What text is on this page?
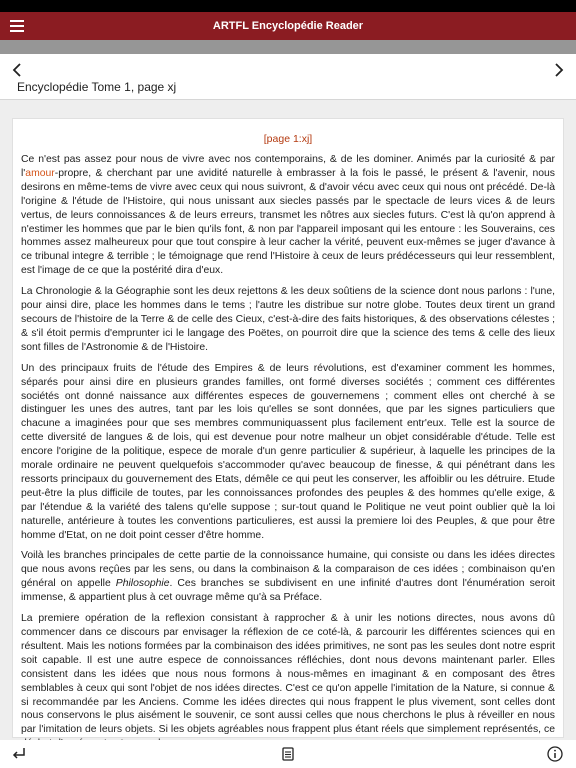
ARTFL Encyclopédie Reader
Encyclopédie Tome 1, page xj
[page 1:xj]

Ce n'est pas assez pour nous de vivre avec nos contemporains, & de les dominer. Animés par la curiosité & par l'amour-propre, & cherchant par une avidité naturelle à embrasser à la fois le passé, le présent & l'avenir, nous desirons en même-tems de vivre avec ceux qui nous suivront, & d'avoir vécu avec ceux qui nous ont précédé. De-là l'origine & l'étude de l'Histoire, qui nous unissant aux siecles passés par le spectacle de leurs vices & de leurs vertus, de leurs connoissances & de leurs erreurs, transmet les nôtres aux siecles futurs. C'est là qu'on apprend à n'estimer les hommes que par le bien qu'ils font, & non par l'appareil imposant qui les entoure : les Souverains, ces hommes assez malheureux pour que tout conspire à leur cacher la vérité, peuvent eux-mêmes se juger d'avance à ce tribunal integre & terrible ; le témoignage que rend l'Histoire à ceux de leurs prédécesseurs qui leur ressemblent, est l'image de ce que la postérité dira d'eux.

La Chronologie & la Géographie sont les deux rejettons & les deux soûtiens de la science dont nous parlons : l'une, pour ainsi dire, place les hommes dans le tems ; l'autre les distribue sur notre globe. Toutes deux tirent un grand secours de l'histoire de la Terre & de celle des Cieux, c'est-à-dire des faits historiques, & des observations célestes ; & s'il étoit permis d'emprunter ici le langage des Poëtes, on pourroit dire que la science des tems & celle des lieux sont filles de l'Astronomie & de l'Histoire.

Un des principaux fruits de l'étude des Empires & de leurs révolutions, est d'examiner comment les hommes, séparés pour ainsi dire en plusieurs grandes familles, ont formé diverses sociétés ; comment ces différentes sociétés ont donné naissance aux différentes especes de gouvernemens ; comment elles ont cherché à se distinguer les unes des autres, tant par les lois qu'elles se sont données, que par les signes particuliers que chacune a imaginées pour que ses membres communiquassent plus facilement entr'eux. Telle est la source de cette diversité de langues & de lois, qui est devenue pour notre malheur un objet considérable d'étude. Telle est encore l'origine de la politique, espece de morale d'un genre particulier & supérieur, à laquelle les principes de la morale ordinaire ne peuvent quelquefois s'accommoder qu'avec beaucoup de finesse, & qui pénétrant dans les ressorts principaux du gouvernement des Etats, démêle ce qui peut les conserver, les affoiblir ou les détruire. Etude peut-être la plus difficile de toutes, par les connoissances profondes des peuples & des hommes qu'elle exige, & par l'étendue & la variété des talens qu'elle suppose ; sur-tout quand le Politique ne veut point oublier què la loi naturelle, antérieure à toutes les conventions particulieres, est aussi la premiere loi des Peuples, & que pour être homme d'Etat, on ne doit point cesser d'être homme.

Voilà les branches principales de cette partie de la connoissance humaine, qui consiste ou dans les idées directes que nous avons reçûes par les sens, ou dans la combinaison & la comparaison de ces idées ; combinaison qu'en général on appelle Philosophie. Ces branches se subdivisent en une infinité d'autres dont l'énumération seroit immense, & appartient plus à cet ouvrage même qu'à sa Préface.

La premiere opération de la reflexion consistant à rapprocher & à unir les notions directes, nous avons dû commencer dans ce discours par envisager la réflexion de ce coté-là, & parcourir les différentes sciences qui en résultent. Mais les notions formées par la combinaison des idées primitives, ne sont pas les seules dont notre esprit soit capable. Il est une autre espece de connoissances réfléchies, dont nous devons maintenant parler. Elles consistent dans les idées que nous nous formons à nous-mêmes en imaginant & en composant des êtres semblables à ceux qui sont l'objet de nos idées directes. C'est ce qu'on appelle l'imitation de la Nature, si connue & si recommandée par les Anciens. Comme les idées directes qui nous frappent le plus vivement, sont celles dont nous conservons le plus aisément le souvenir, ce sont aussi celles que nous cherchons le plus à réveiller en nous par l'imitation de leurs objets. Si les objets agréables nous frappent plus étant réels que simplement représentés, ce
